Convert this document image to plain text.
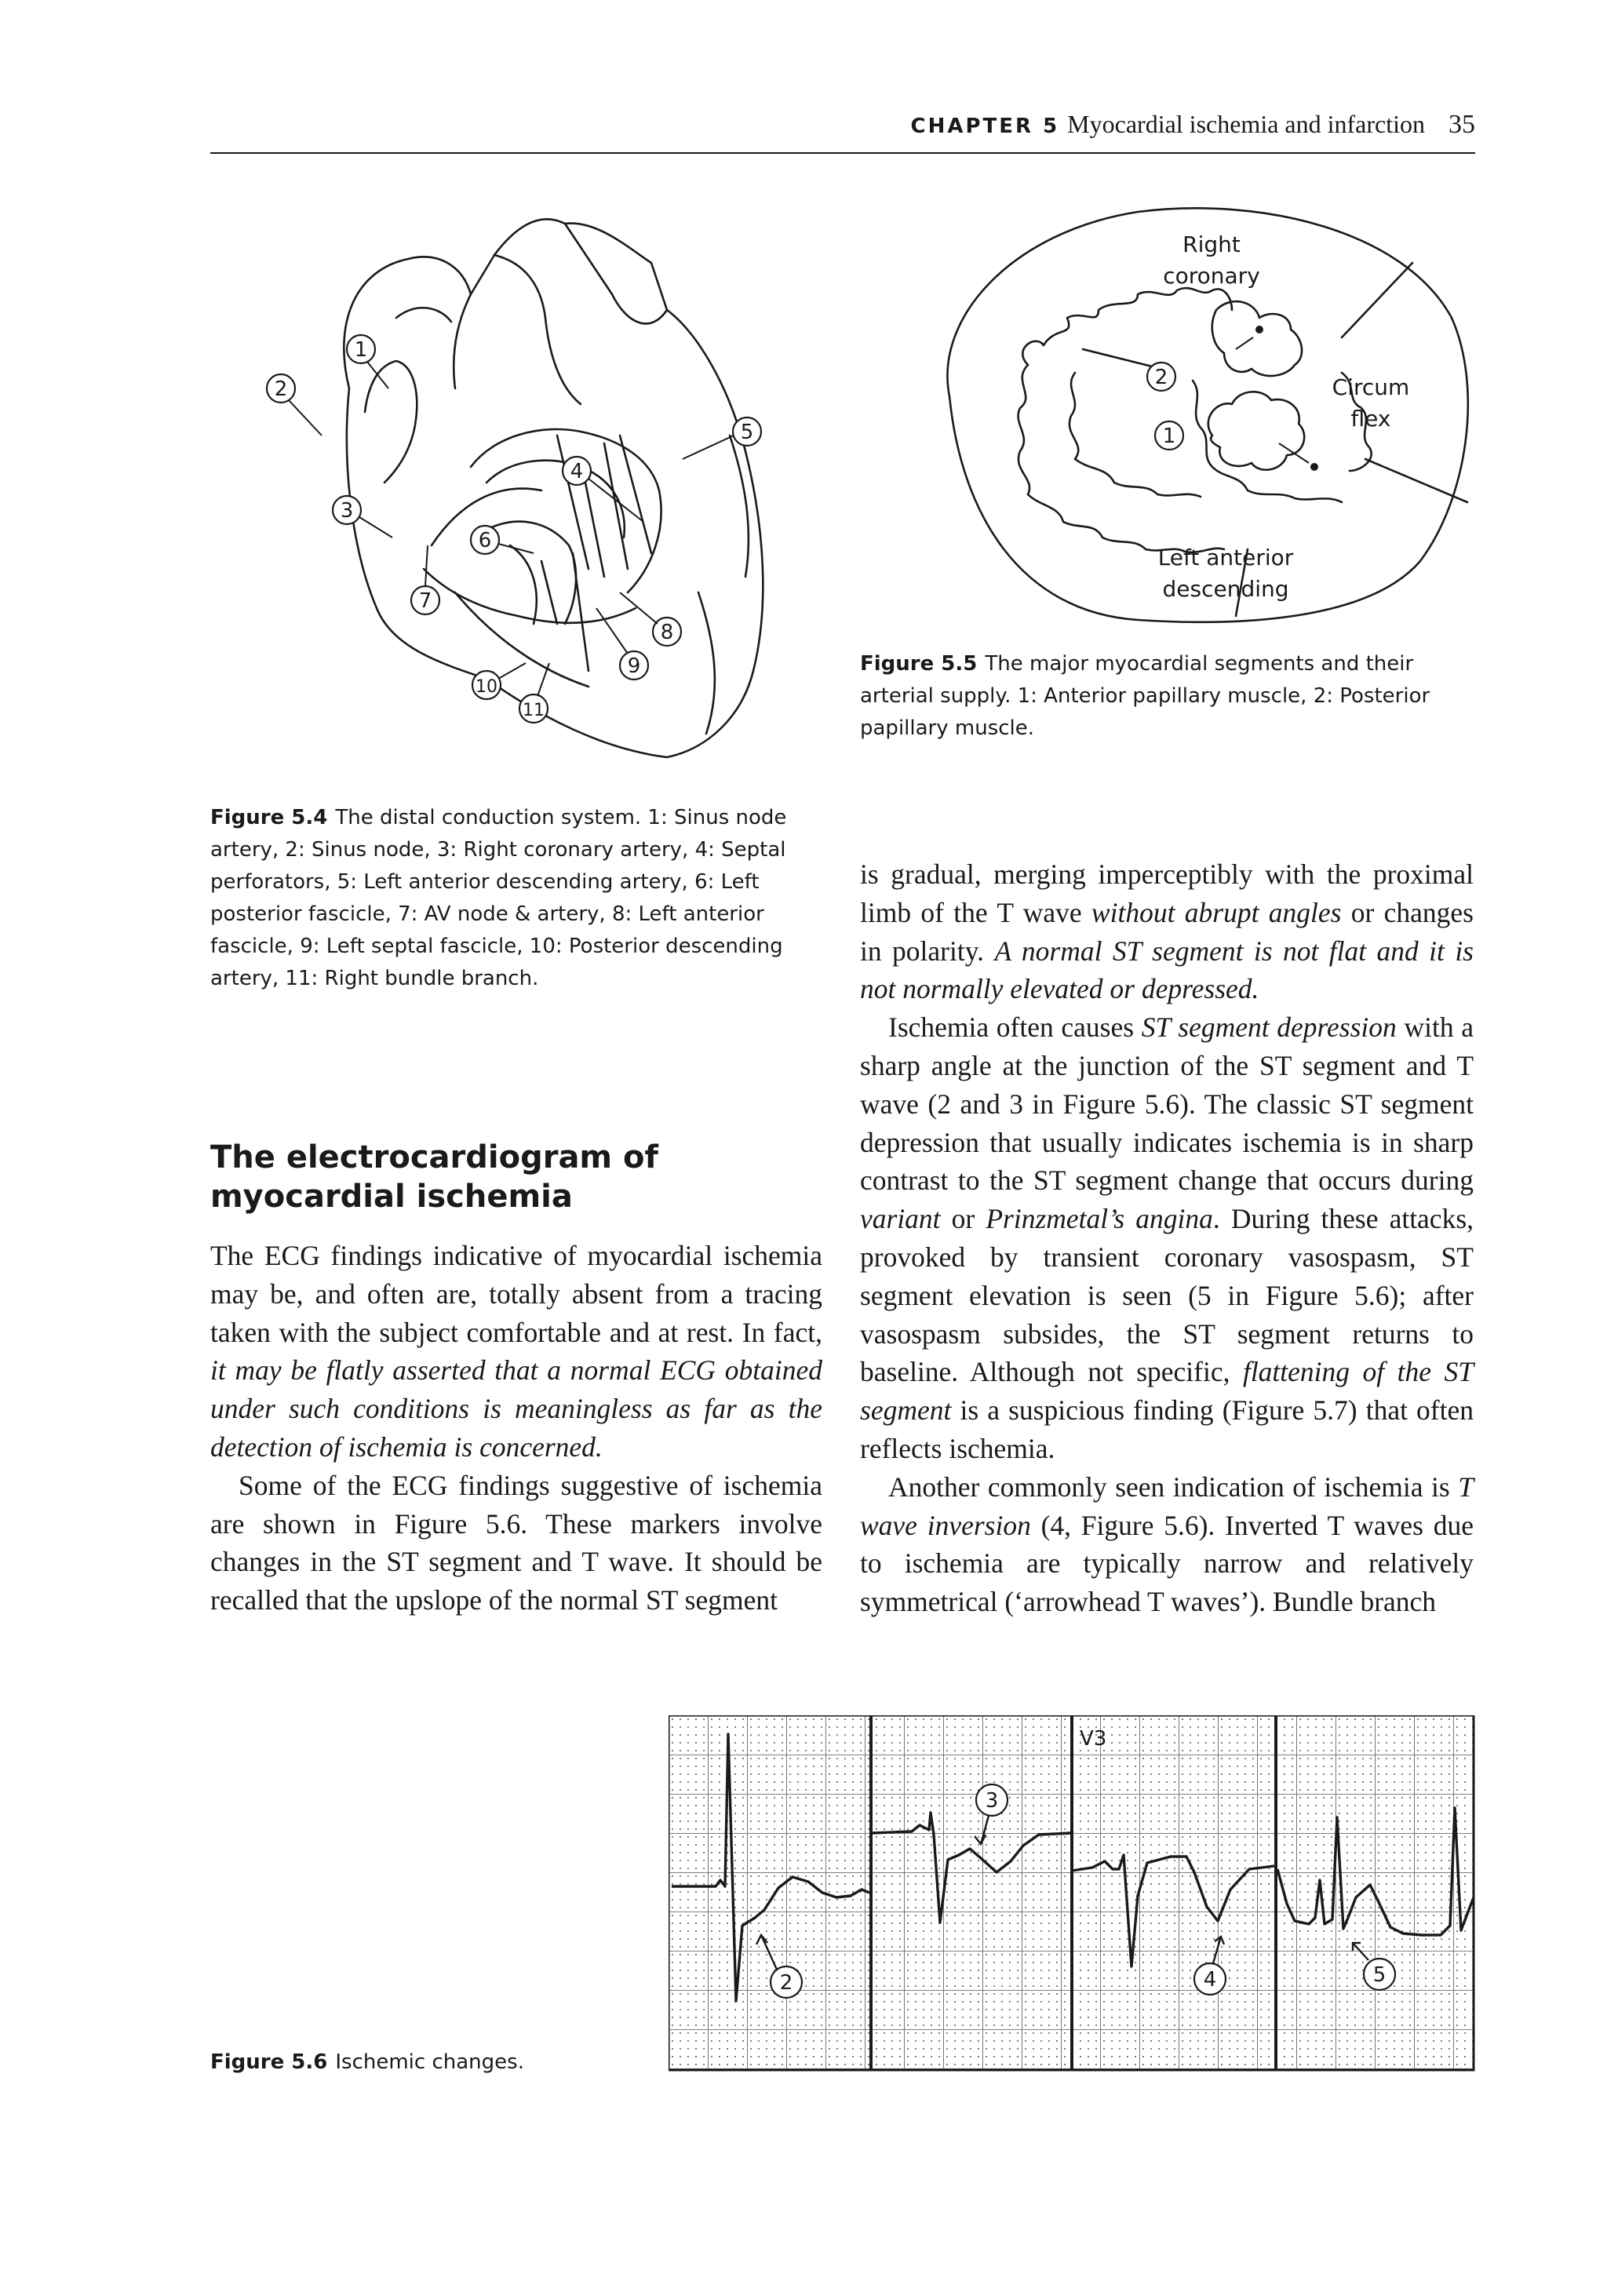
CHAPTER 5 Myocardial ischemia and infarction 35
1
2
3
4
5
6
7
8
9
10
11
2
1
Right
coronary
Circum
flex
Left anterior
descending
Figure 5.5 The major myocardial segments and their arterial supply. 1: Anterior papillary muscle, 2: Posterior papillary muscle.
Figure 5.4 The distal conduction system. 1: Sinus node artery, 2: Sinus node, 3: Right coronary artery, 4: Septal perforators, 5: Left anterior descending artery, 6: Left posterior fascicle, 7: AV node & artery, 8: Left anterior fascicle, 9: Left septal fascicle, 10: Posterior descending artery, 11: Right bundle branch.
The electrocardiogram of
myocardial ischemia

The ECG findings indicative of myocardial ischemia may be, and often are, totally absent from a tracing taken with the subject comfortable and at rest. In fact, it may be flatly asserted that a normal ECG obtained under such conditions is meaningless as far as the detection of ischemia is concerned.

Some of the ECG findings suggestive of ischemia are shown in Figure 5.6. These markers involve changes in the ST segment and T wave. It should be recalled that the upslope of the normal ST segment

is gradual, merging imperceptibly with the proximal limb of the T wave without abrupt angles or changes in polarity. A normal ST segment is not flat and it is not normally elevated or depressed.

Ischemia often causes ST segment depression with a sharp angle at the junction of the ST segment and T wave (2 and 3 in Figure 5.6). The classic ST segment depression that usually indicates ischemia is in sharp contrast to the ST segment change that occurs during variant or Prinzmetal’s angina. During these attacks, provoked by transient coronary vasospasm, ST segment elevation is seen (5 in Figure 5.6); after vasospasm subsides, the ST segment returns to baseline. Although not specific, flattening of the ST segment is a suspicious finding (Figure 5.7) that often reflects ischemia.

Another commonly seen indication of ischemia is T wave inversion (4, Figure 5.6). Inverted T waves due to ischemia are typically narrow and relatively symmetrical (‘arrowhead T waves’). Bundle branch

V3
2
3
4	5
Figure 5.6 Ischemic changes.
